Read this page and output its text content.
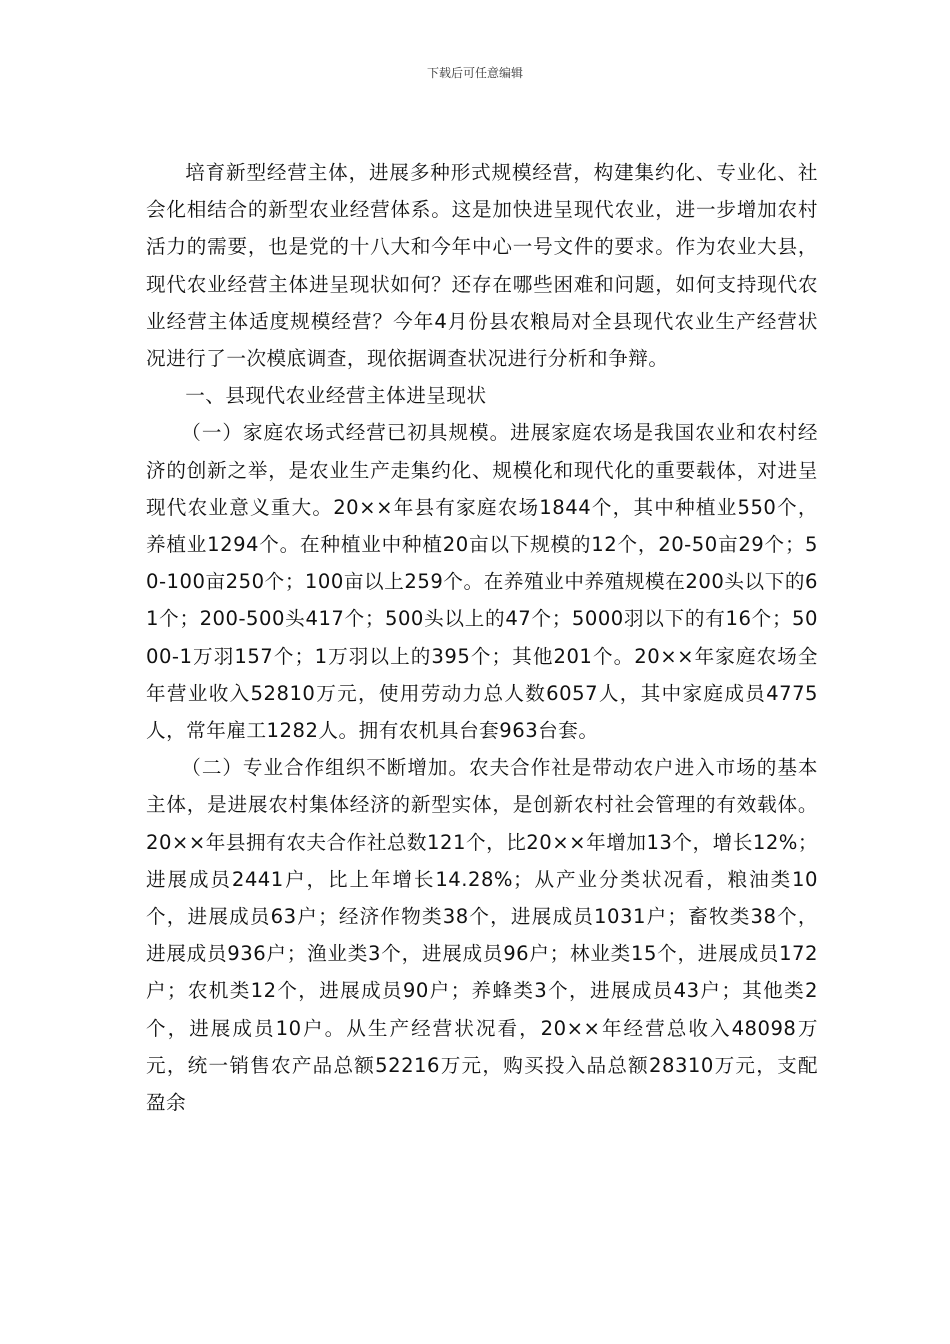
下载后可任意编辑

培育新型经营主体，进展多种形式规模经营，构建集约化、专业化、社会化相结合的新型农业经营体系。这是加快进呈现代农业，进一步增加农村活力的需要，也是党的十八大和今年中心一号文件的要求。作为农业大县，现代农业经营主体进呈现状如何？还存在哪些困难和问题，如何支持现代农业经营主体适度规模经营？今年4月份县农粮局对全县现代农业生产经营状况进行了一次模底调查，现依据调查状况进行分析和争辩。

一、县现代农业经营主体进呈现状

（一）家庭农场式经营已初具规模。进展家庭农场是我国农业和农村经济的创新之举，是农业生产走集约化、规模化和现代化的重要载体，对进呈现代农业意义重大。20××年县有家庭农场1844个，其中种植业550个，养植业1294个。在种植业中种植20亩以下规模的12个，20-50亩29个；50-100亩250个；100亩以上259个。在养殖业中养殖规模在200头以下的61个；200-500头417个；500头以上的47个；5000羽以下的有16个；5000-1万羽157个；1万羽以上的395个；其他201个。20××年家庭农场全年营业收入52810万元，使用劳动力总人数6057人，其中家庭成员4775人，常年雇工1282人。拥有农机具台套963台套。

（二）专业合作组织不断增加。农夫合作社是带动农户进入市场的基本主体，是进展农村集体经济的新型实体，是创新农村社会管理的有效载体。20××年县拥有农夫合作社总数121个，比20××年增加13个，增长12%；进展成员2441户，比上年增长14.28%；从产业分类状况看，粮油类10个，进展成员63户；经济作物类38个，进展成员1031户；畜牧类38个，进展成员936户；渔业类3个，进展成员96户；林业类15个，进展成员172户；农机类12个，进展成员90户；养蜂类3个，进展成员43户；其他类2个，进展成员10户。从生产经营状况看，20××年经营总收入48098万元，统一销售农产品总额52216万元，购买投入品总额28310万元，支配盈余
